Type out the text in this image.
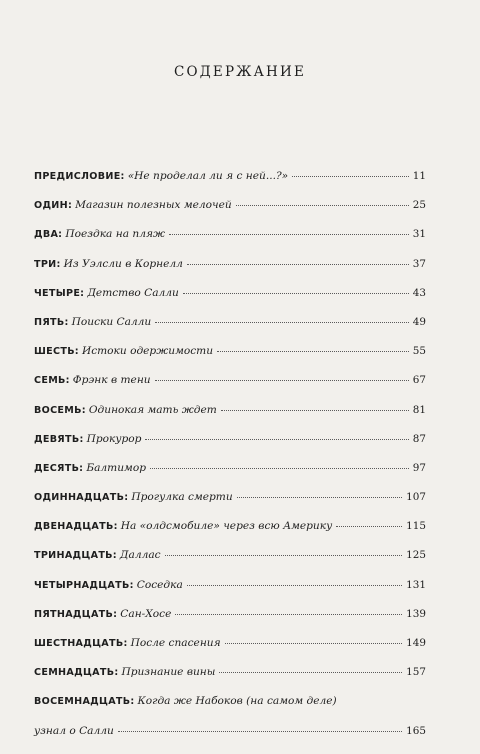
СОДЕРЖАНИЕ
ПРЕДИСЛОВИЕ: «Не проделал ли я с ней...?»	11
ОДИН: Магазин полезных мелочей	25
ДВА: Поездка на пляж	31
ТРИ: Из Уэлсли в Корнелл	37
ЧЕТЫРЕ: Детство Салли	43
ПЯТЬ: Поиски Салли	49
ШЕСТЬ: Истоки одержимости	55
СЕМЬ: Фрэнк в тени	67
ВОСЕМЬ: Одинокая мать ждет	81
ДЕВЯТЬ: Прокурор	87
ДЕСЯТЬ: Балтимор	97
ОДИННАДЦАТЬ: Прогулка смерти	107
ДВЕНАДЦАТЬ: На «олдсмобиле» через всю Америку	115
ТРИНАДЦАТЬ: Даллас	125
ЧЕТЫРНАДЦАТЬ: Соседка	131
ПЯТНАДЦАТЬ: Сан-Хосе	139
ШЕСТНАДЦАТЬ: После спасения	149
СЕМНАДЦАТЬ: Признание вины	157
ВОСЕМНАДЦАТЬ: Когда же Набоков (на самом деле)
узнал о Салли	165
